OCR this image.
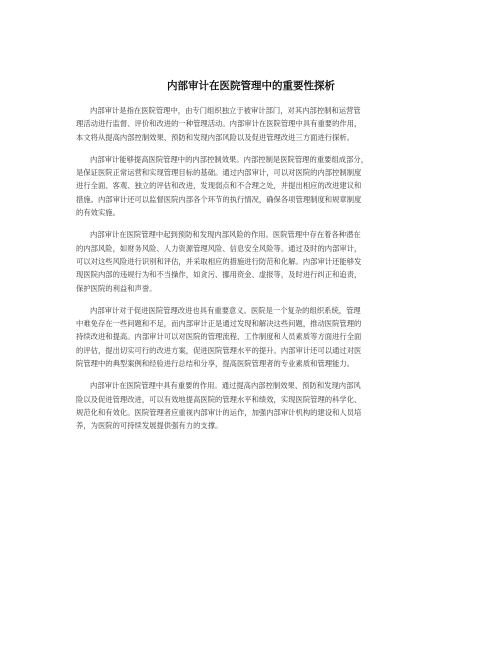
内部审计在医院管理中的重要性探析
内部审计是指在医院管理中，由专门组织独立于被审计部门，对其内部控制和运营管
理活动进行监督、评价和改进的一种管理活动。内部审计在医院管理中具有重要的作用，
本文将从提高内部控制效果、预防和发现内部风险以及促进管理改进三方面进行探析。
内部审计能够提高医院管理中的内部控制效果。内部控制是医院管理的重要组成部分，
是保证医院正常运营和实现管理目标的基础。通过内部审计，可以对医院的内部控制制度
进行全面、客观、独立的评估和改进，发现弱点和不合理之处，并提出相应的改进建议和
措施。内部审计还可以监督医院内部各个环节的执行情况，确保各项管理制度和规章制度
的有效实施。
内部审计在医院管理中起到预防和发现内部风险的作用。医院管理中存在着各种潜在
的内部风险，如财务风险、人力资源管理风险、信息安全风险等。通过及时的内部审计，
可以对这些风险进行识别和评估，并采取相应的措施进行防范和化解。内部审计还能够发
现医院内部的违规行为和不当操作，如贪污、挪用资金、虚报等，及时进行纠正和追责，
保护医院的利益和声誉。
内部审计对于促进医院管理改进也具有重要意义。医院是一个复杂的组织系统，管理
中难免存在一些问题和不足，而内部审计正是通过发现和解决这些问题，推动医院管理的
持续改进和提高。内部审计可以对医院的管理流程、工作制度和人员素质等方面进行全面
的评估，提出切实可行的改进方案，促进医院管理水平的提升。内部审计还可以通过对医
院管理中的典型案例和经验进行总结和分享，提高医院管理者的专业素质和管理能力。
内部审计在医院管理中具有重要的作用。通过提高内部控制效果、预防和发现内部风
险以及促进管理改进，可以有效地提高医院的管理水平和绩效，实现医院管理的科学化、
规范化和有效化。医院管理者应重视内部审计的运作，加强内部审计机构的建设和人员培
养，为医院的可持续发展提供强有力的支撑。
